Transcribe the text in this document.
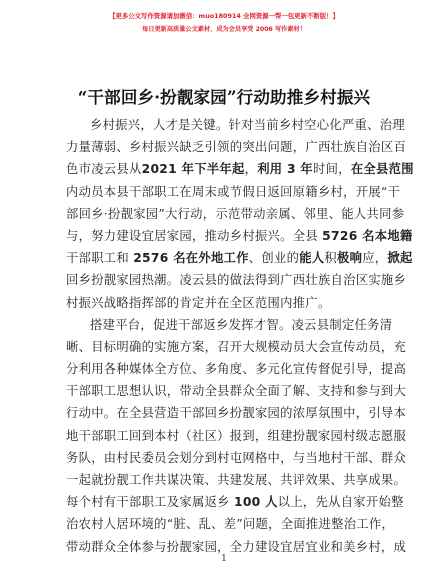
【更多公文写作资源请加微信：muo180914 全网资源一帮一包更新不断版！】
每日更新高质量公文素材，成为会员享受 2006 写作素材！
“干部回乡·扮靓家园”行动助推乡村振兴
乡村振兴，人才是关键。针对当前乡村空心化严重、治理
力量薄弱、乡村振兴缺乏引领的突出问题，广西壮族自治区百
色市凌云县从2021 年下半年起，利用 3 年时间，在全县范围
内动员本县干部职工在周末或节假日返回原籍乡村，开展“干
部回乡·扮靓家园”大行动，示范带动亲属、邻里、能人共同参
与，努力建设宜居家园，推动乡村振兴。全县 5726 名本地籍
干部职工和 2576 名在外地工作、创业的能人积极响应，掀起
回乡扮靓家园热潮。凌云县的做法得到广西壮族自治区实施乡
村振兴战略指挥部的肯定并在全区范围内推广。
搭建平台，促进干部返乡发挥才智。凌云县制定任务清
晰、目标明确的实施方案，召开大规模动员大会宣传动员，充
分利用各种媒体全方位、多角度、多元化宣传督促引导，提高
干部职工思想认识，带动全县群众全面了解、支持和参与到大
行动中。在全县营造干部回乡扮靓家园的浓厚氛围中，引导本
地干部职工回到本村（社区）报到，组建扮靓家园村级志愿服
务队，由村民委员会划分到村屯网格中，与当地村干部、群众
一起就扮靓工作共谋决策、共建发展、共评效果、共享成果。
每个村有干部职工及家属返乡 100 人以上，先从自家开始整
治农村人居环境的“脏、乱、差”问题，全面推进整治工作，
带动群众全体参与扮靓家园，全力建设宜居宜业和美乡村，成
1
